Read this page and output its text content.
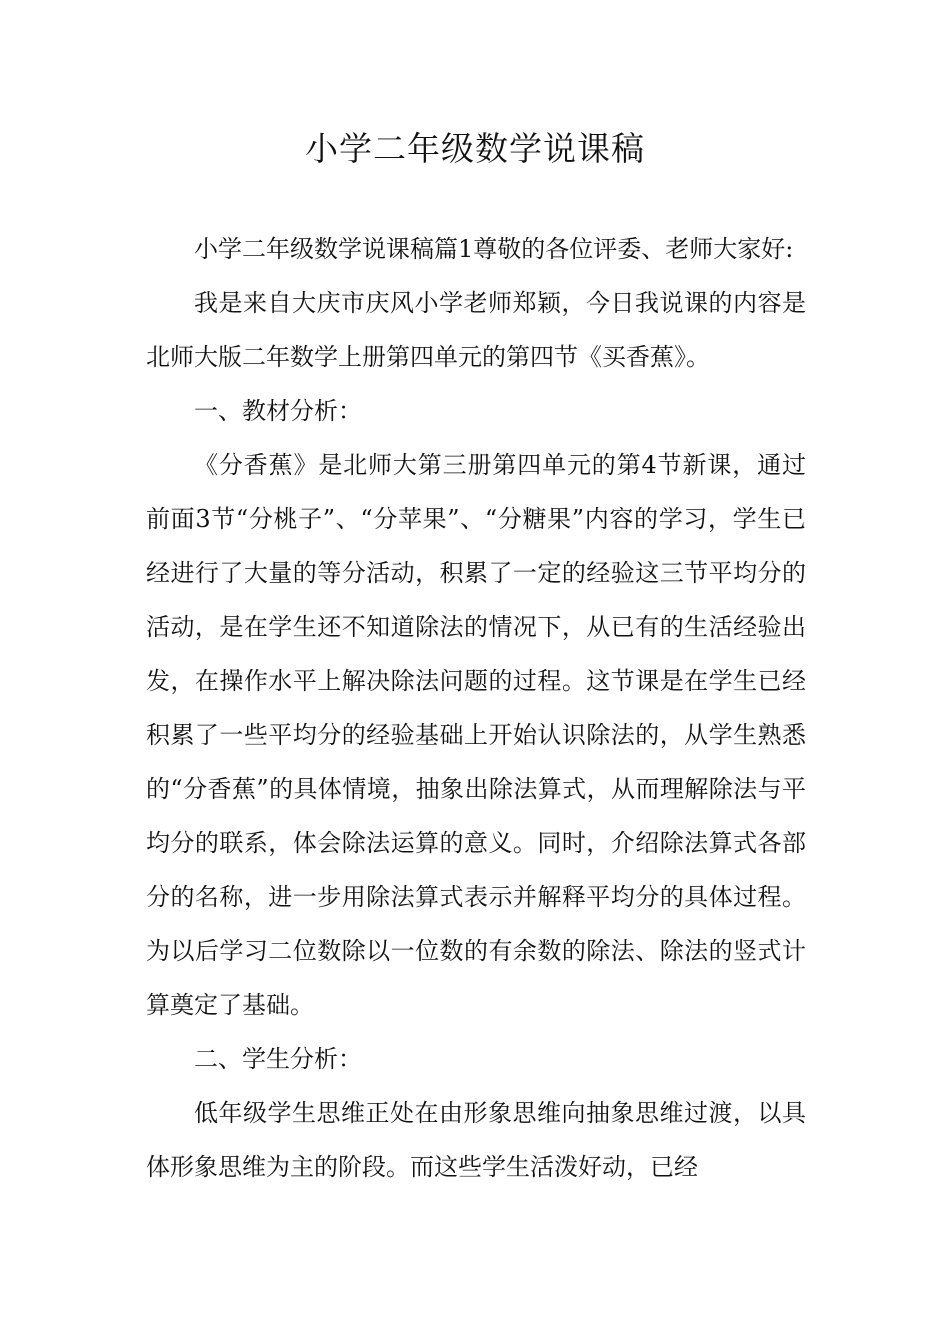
小学二年级数学说课稿

小学二年级数学说课稿篇1尊敬的各位评委、老师大家好:

我是来自大庆市庆风小学老师郑颖，今日我说课的内容是北师大版二年数学上册第四单元的第四节《买香蕉》。

一、教材分析：

《分香蕉》是北师大第三册第四单元的第4节新课，通过前面3节“分桃子”、“分苹果”、“分糖果”内容的学习，学生已经进行了大量的等分活动，积累了一定的经验这三节平均分的活动，是在学生还不知道除法的情况下，从已有的生活经验出发，在操作水平上解决除法问题的过程。这节课是在学生已经积累了一些平均分的经验基础上开始认识除法的，从学生熟悉的“分香蕉”的具体情境，抽象出除法算式，从而理解除法与平均分的联系，体会除法运算的意义。同时，介绍除法算式各部分的名称，进一步用除法算式表示并解释平均分的具体过程。为以后学习二位数除以一位数的有余数的除法、除法的竖式计算奠定了基础。

二、学生分析：

低年级学生思维正处在由形象思维向抽象思维过渡，以具体形象思维为主的阶段。而这些学生活泼好动，已经
